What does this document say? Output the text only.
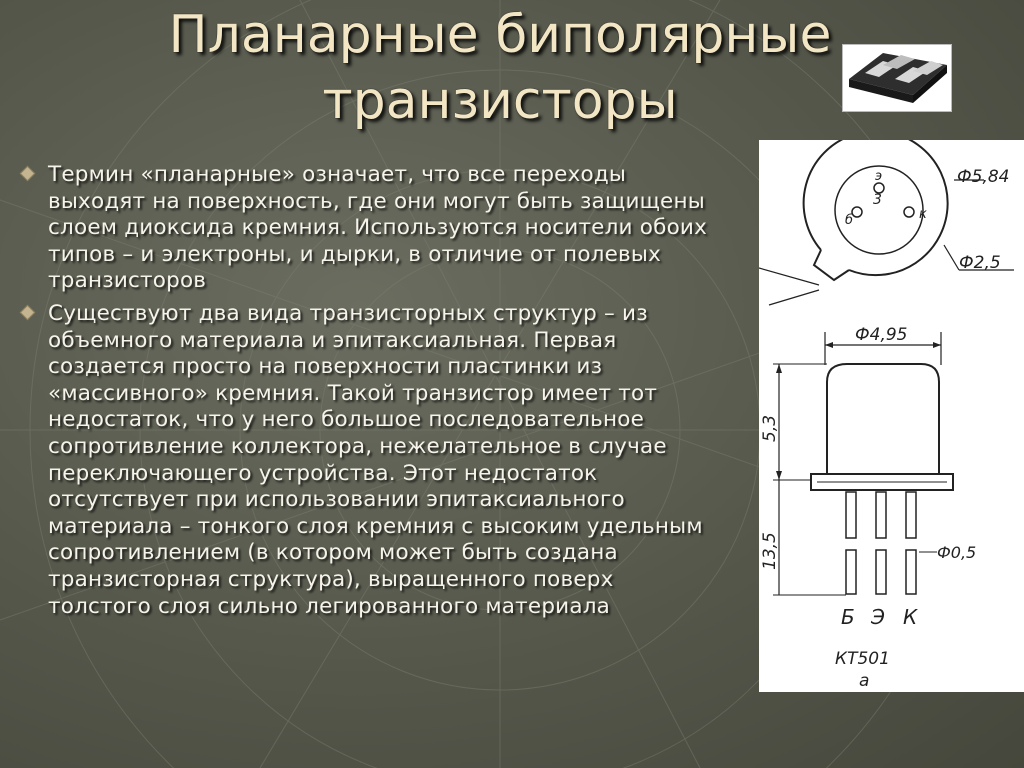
Планарные биполярные
транзисторы
Термин «планарные» означает, что все переходы выходят на поверхность, где они могут быть защищены слоем диоксида кремния. Используются носители обоих типов – и электроны, и дырки, в отличие от полевых транзисторов
Существуют два вида транзисторных структур – из объемного материала и эпитаксиальная. Первая создается просто на поверхности пластинки из «массивного» кремния. Такой транзистор имеет тот недостаток, что у него большое последовательное сопротивление коллектора, нежелательное в случае переключающего устройства. Этот недостаток отсутствует при использовании эпитаксиального материала – тонкого слоя кремния с высоким удельным сопротивлением (в котором может быть создана транзисторная структура), выращенного поверх толстого слоя сильно легированного материала
Ф5,84
Ф2,5
Ф4,95
3
б
э
к
5,3
13,5	Ф0,5
Б Э К
КТ501
а
